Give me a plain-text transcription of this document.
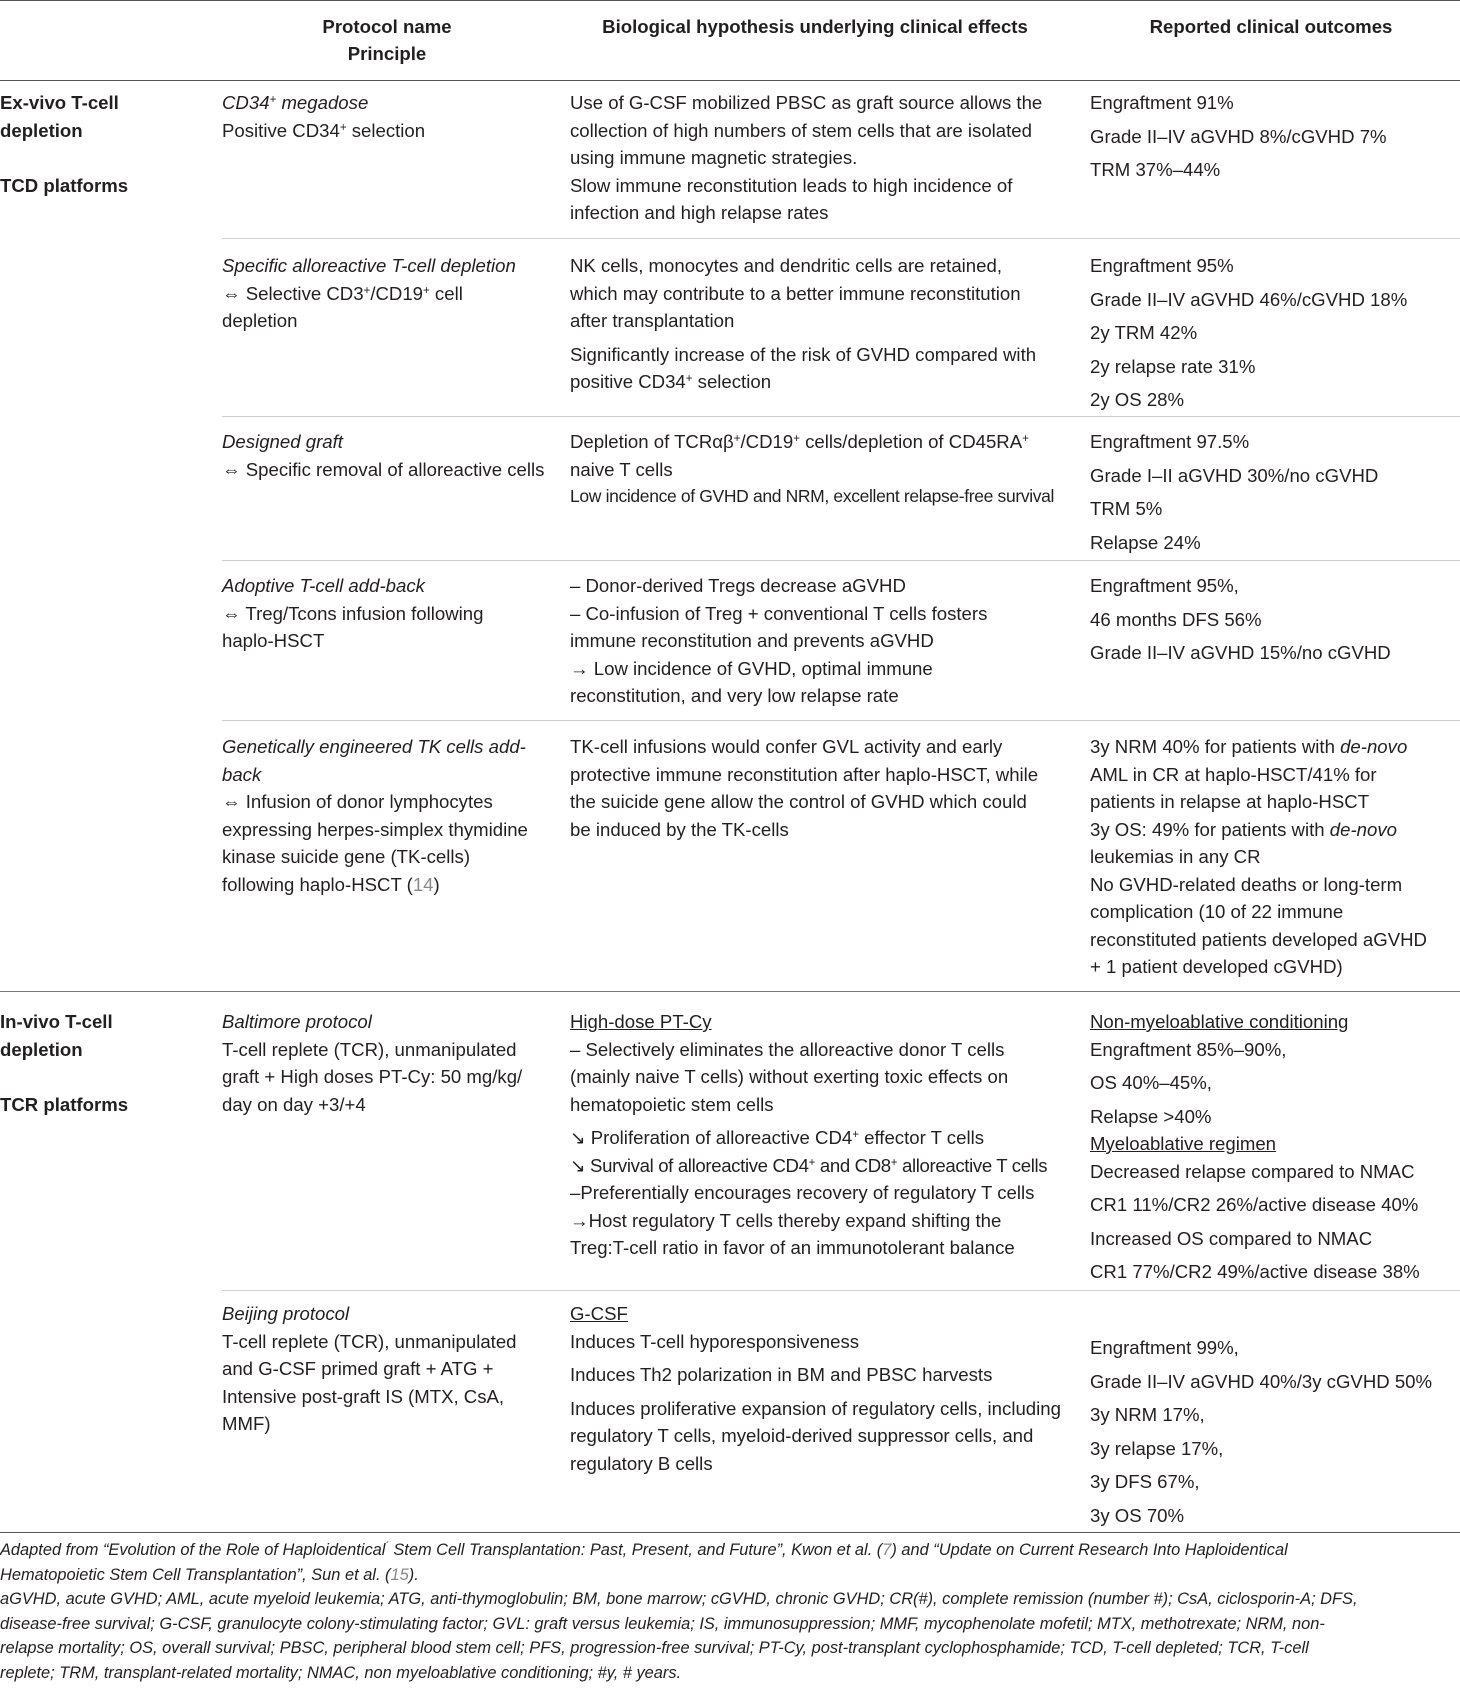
Protocol name
Principle
Biological hypothesis underlying clinical effects	Reported clinical outcomes

Ex-vivo T-cell

depletion

TCD platforms

CD34+ megadose
Positive CD34+ selection
Use of G-CSF mobilized PBSC as graft source allows the
collection of high numbers of stem cells that are isolated
using immune magnetic strategies.
Slow immune reconstitution leads to high incidence of
infection and high relapse rates
Engraftment 91%
Grade II–IV aGVHD 8%/cGVHD 7%
TRM 37%–44%
Specific alloreactive T-cell depletion
⇔ Selective CD3+/CD19+ cell
depletion
NK cells, monocytes and dendritic cells are retained,
which may contribute to a better immune reconstitution
after transplantation
Significantly increase of the risk of GVHD compared with
positive CD34+ selection
Engraftment 95%
Grade II–IV aGVHD 46%/cGVHD 18%
2y TRM 42%
2y relapse rate 31%
2y OS 28%
Designed graft
⇔ Specific removal of alloreactive cells
Depletion of TCRαβ+/CD19+ cells/depletion of CD45RA+
naive T cells
Low incidence of GVHD and NRM, excellent relapse-free survival
Engraftment 97.5%
Grade I–II aGVHD 30%/no cGVHD
TRM 5%
Relapse 24%
Adoptive T-cell add-back
⇔ Treg/Tcons infusion following
haplo-HSCT
– Donor-derived Tregs decrease aGVHD
– Co-infusion of Treg + conventional T cells fosters
immune reconstitution and prevents aGVHD
→ Low incidence of GVHD, optimal immune
reconstitution, and very low relapse rate
Engraftment 95%,
46 months DFS 56%
Grade II–IV aGVHD 15%/no cGVHD
Genetically engineered TK cells add-
back
⇔ Infusion of donor lymphocytes
expressing herpes-simplex thymidine
kinase suicide gene (TK-cells)
following haplo-HSCT (14)
TK-cell infusions would confer GVL activity and early
protective immune reconstitution after haplo-HSCT, while
the suicide gene allow the control of GVHD which could
be induced by the TK-cells
3y NRM 40% for patients with de-novo
AML in CR at haplo-HSCT/41% for
patients in relapse at haplo-HSCT
3y OS: 49% for patients with de-novo
leukemias in any CR
No GVHD-related deaths or long-term
complication (10 of 22 immune
reconstituted patients developed aGVHD
+ 1 patient developed cGVHD)

In-vivo T-cell

depletion

TCR platforms

Baltimore protocol
T-cell replete (TCR), unmanipulated
graft + High doses PT-Cy: 50 mg/kg/
day on day +3/+4
High-dose PT-Cy
– Selectively eliminates the alloreactive donor T cells
(mainly naive T cells) without exerting toxic effects on
hematopoietic stem cells
↘ Proliferation of alloreactive CD4+ effector T cells
↘ Survival of alloreactive CD4+ and CD8+ alloreactive T cells
–Preferentially encourages recovery of regulatory T cells
→Host regulatory T cells thereby expand shifting the
Treg:T-cell ratio in favor of an immunotolerant balance
Non-myeloablative conditioning
Engraftment 85%–90%,
OS 40%–45%,
Relapse >40%
Myeloablative regimen
Decreased relapse compared to NMAC
CR1 11%/CR2 26%/active disease 40%
Increased OS compared to NMAC
CR1 77%/CR2 49%/active disease 38%
Beijing protocol
T-cell replete (TCR), unmanipulated
and G-CSF primed graft + ATG +
Intensive post-graft IS (MTX, CsA,
MMF)
G-CSF
Induces T-cell hyporesponsiveness
Induces Th2 polarization in BM and PBSC harvests
Induces proliferative expansion of regulatory cells, including
regulatory T cells, myeloid-derived suppressor cells, and
regulatory B cells
Engraftment 99%,
Grade II–IV aGVHD 40%/3y cGVHD 50%
3y NRM 17%,
3y relapse 17%,
3y DFS 67%,
3y OS 70%
Adapted from “Evolution of the Role of Haploidentical´ Stem Cell Transplantation: Past, Present, and Future”, Kwon et al. (7) and “Update on Current Research Into Haploidentical
Hematopoietic Stem Cell Transplantation”, Sun et al. (15).
aGVHD, acute GVHD; AML, acute myeloid leukemia; ATG, anti-thymoglobulin; BM, bone marrow; cGVHD, chronic GVHD; CR(#), complete remission (number #); CsA, ciclosporin-A; DFS,
disease-free survival; G-CSF, granulocyte colony-stimulating factor; GVL: graft versus leukemia; IS, immunosuppression; MMF, mycophenolate mofetil; MTX, methotrexate; NRM, non-
relapse mortality; OS, overall survival; PBSC, peripheral blood stem cell; PFS, progression-free survival; PT-Cy, post-transplant cyclophosphamide; TCD, T-cell depleted; TCR, T-cell
replete; TRM, transplant-related mortality; NMAC, non myeloablative conditioning; #y, # years.
